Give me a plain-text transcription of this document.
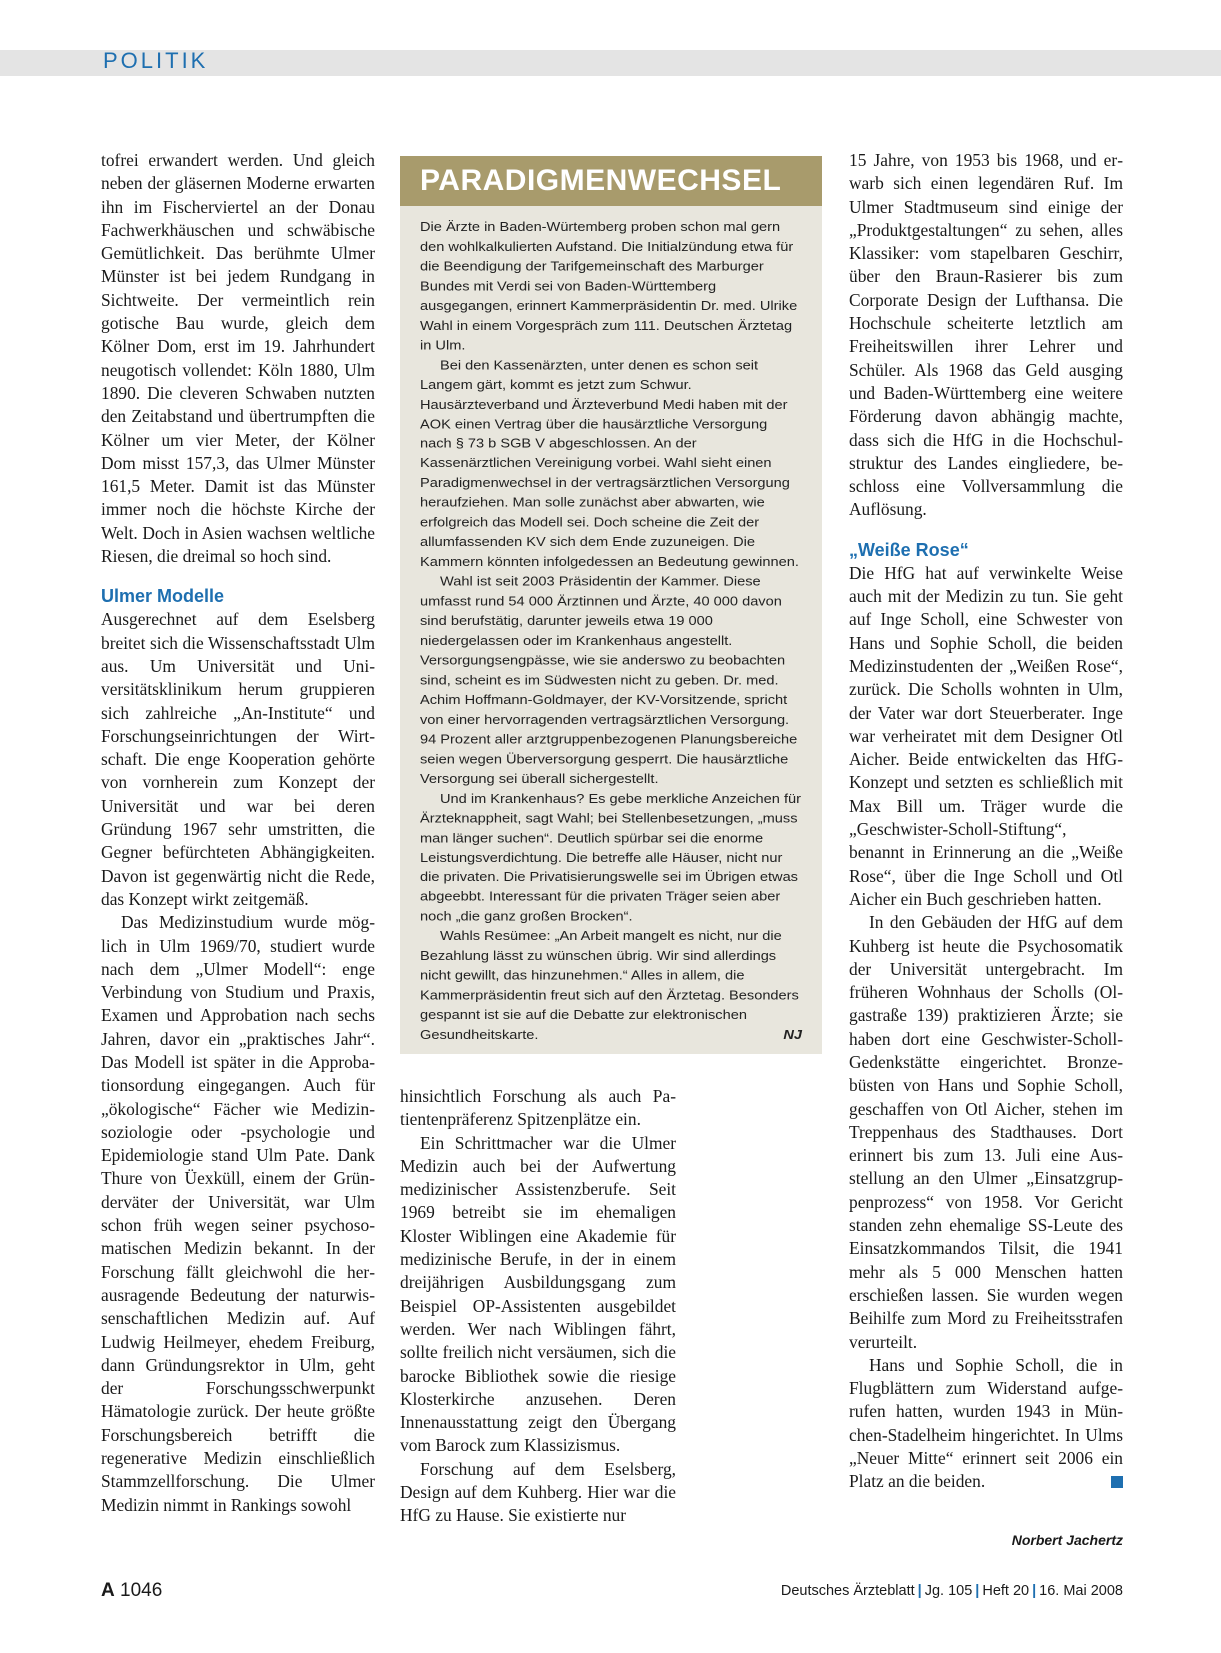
POLITIK

tofrei erwandert werden. Und gleich neben der gläsernen Moderne erwarten ihn im Fischerviertel an der Donau Fachwerkhäuschen und schwäbische Gemütlichkeit. Das berühmte Ulmer Münster ist bei jedem Rundgang in Sichtweite. Der vermeintlich rein gotische Bau wurde, gleich dem Kölner Dom, erst im 19. Jahrhundert neugotisch vollendet: Köln 1880, Ulm 1890. Die cleveren Schwaben nutzten den Zeitabstand und übertrumpften die Kölner um vier Meter, der Kölner Dom misst 157,3, das Ulmer Münster 161,5 Meter. Damit ist das Münster immer noch die höchste Kirche der Welt. Doch in Asien wachsen weltliche Riesen, die dreimal so hoch sind.

Ulmer Modelle

Ausgerechnet auf dem Eselsberg breitet sich die Wissenschaftsstadt Ulm aus. Um Universität und Universitätsklinikum herum gruppieren sich zahlreiche „An-Institute“ und Forschungseinrichtungen der Wirtschaft. Die enge Kooperation gehörte von vornherein zum Konzept der Universität und war bei deren Gründung 1967 sehr umstritten, die Gegner befürchteten Abhängigkeiten. Davon ist gegenwärtig nicht die Rede, das Konzept wirkt zeitgemäß.

Das Medizinstudium wurde möglich in Ulm 1969/70, studiert wurde nach dem „Ulmer Modell“: enge Verbindung von Studium und Praxis, Examen und Approbation nach sechs Jahren, davor ein „praktisches Jahr“. Das Modell ist später in die Approbationsordung eingegangen. Auch für „ökologische“ Fächer wie Medizinsoziologie oder -psychologie und Epidemiologie stand Ulm Pate. Dank Thure von Üexküll, einem der Gründerväter der Universität, war Ulm schon früh wegen seiner psychosomatischen Medizin bekannt. In der Forschung fällt gleichwohl die herausragende Bedeutung der naturwissenschaftlichen Medizin auf. Auf Ludwig Heilmeyer, ehedem Freiburg, dann Gründungsrektor in Ulm, geht der Forschungsschwerpunkt Hämatologie zurück. Der heute größte Forschungsbereich betrifft die regenerative Medizin einschließlich Stammzellforschung. Die Ulmer Medizin nimmt in Rankings sowohl

PARADIGMENWECHSEL

Die Ärzte in Baden-Würtemberg proben schon mal gern den wohlkalkulierten Aufstand. Die Initialzündung etwa für die Beendigung der Tarifgemeinschaft des Marburger Bundes mit Verdi sei von Baden-Württemberg ausgegangen, erinnert Kammerpräsidentin Dr. med. Ulrike Wahl in einem Vorgespräch zum 111. Deutschen Ärztetag in Ulm.

Bei den Kassenärzten, unter denen es schon seit Langem gärt, kommt es jetzt zum Schwur. Hausärzteverband und Ärzteverbund Medi haben mit der AOK einen Vertrag über die hausärztliche Versorgung nach § 73 b SGB V abgeschlossen. An der Kassenärztlichen Vereinigung vorbei. Wahl sieht einen Paradigmenwechsel in der vertragsärztlichen Versorgung heraufziehen. Man solle zunächst aber abwarten, wie erfolgreich das Modell sei. Doch scheine die Zeit der allumfassenden KV sich dem Ende zuzuneigen. Die Kammern könnten infolgedessen an Bedeutung gewinnen.

Wahl ist seit 2003 Präsidentin der Kammer. Diese umfasst rund 54 000 Ärztinnen und Ärzte, 40 000 davon sind berufstätig, darunter jeweils etwa 19 000 niedergelassen oder im Krankenhaus angestellt. Versorgungsengpässe, wie sie anderswo zu beobachten sind, scheint es im Südwesten nicht zu geben. Dr. med. Achim Hoffmann-Goldmayer, der KV-Vorsitzende, spricht von einer hervorragenden vertragsärztlichen Versorgung. 94 Prozent aller arztgruppenbezogenen Planungsbereiche seien wegen Überversorgung gesperrt. Die hausärztliche Versorgung sei überall sichergestellt.

Und im Krankenhaus? Es gebe merkliche Anzeichen für Ärzteknappheit, sagt Wahl; bei Stellenbesetzungen, „muss man länger suchen“. Deutlich spürbar sei die enorme Leistungsverdichtung. Die betreffe alle Häuser, nicht nur die privaten. Die Privatisierungswelle sei im Übrigen etwas abgeebbt. Interessant für die privaten Träger seien aber noch „die ganz großen Brocken“.

Wahls Resümee: „An Arbeit mangelt es nicht, nur die Bezahlung lässt zu wünschen übrig. Wir sind allerdings nicht gewillt, das hinzunehmen.“ Alles in allem, die Kammerpräsidentin freut sich auf den Ärztetag. Besonders gespannt ist sie auf die Debatte zur elektronischen Gesundheitskarte.	NJ

hinsichtlich Forschung als auch Patientenpräferenz Spitzenplätze ein.

Ein Schrittmacher war die Ulmer Medizin auch bei der Aufwertung medizinischer Assistenzberufe. Seit 1969 betreibt sie im ehemaligen Kloster Wiblingen eine Akademie für medizinische Berufe, in der in einem dreijährigen Ausbildungsgang zum Beispiel OP-Assistenten ausgebildet werden. Wer nach Wiblingen fährt, sollte freilich nicht versäumen, sich die barocke Bibliothek sowie die riesige Klosterkirche anzusehen. Deren Innenausstattung zeigt den Übergang vom Barock zum Klassizismus.

Forschung auf dem Eselsberg, Design auf dem Kuhberg. Hier war die HfG zu Hause. Sie existierte nur

15 Jahre, von 1953 bis 1968, und erwarb sich einen legendären Ruf. Im Ulmer Stadtmuseum sind einige der „Produktgestaltungen“ zu sehen, alles Klassiker: vom stapelbaren Geschirr, über den Braun-Rasierer bis zum Corporate Design der Lufthansa. Die Hochschule scheiterte letztlich am Freiheitswillen ihrer Lehrer und Schüler. Als 1968 das Geld ausging und Baden-Württemberg eine weitere Förderung davon abhängig machte, dass sich die HfG in die Hochschulstruktur des Landes eingliedere, beschloss eine Vollversammlung die Auflösung.

„Weiße Rose“

Die HfG hat auf verwinkelte Weise auch mit der Medizin zu tun. Sie geht auf Inge Scholl, eine Schwester von Hans und Sophie Scholl, die beiden Medizinstudenten der „Weißen Rose“, zurück. Die Scholls wohnten in Ulm, der Vater war dort Steuerberater. Inge war verheiratet mit dem Designer Otl Aicher. Beide entwickelten das HfG-Konzept und setzten es schließlich mit Max Bill um. Träger wurde die „Geschwister-Scholl-Stiftung“, benannt in Erinnerung an die „Weiße Rose“, über die Inge Scholl und Otl Aicher ein Buch geschrieben hatten.

In den Gebäuden der HfG auf dem Kuhberg ist heute die Psychosomatik der Universität untergebracht. Im früheren Wohnhaus der Scholls (Olgastraße 139) praktizieren Ärzte; sie haben dort eine Geschwister-Scholl-Gedenkstätte eingerichtet. Bronzebüsten von Hans und Sophie Scholl, geschaffen von Otl Aicher, stehen im Treppenhaus des Stadthauses. Dort erinnert bis zum 13. Juli eine Ausstellung an den Ulmer „Einsatzgruppenprozess“ von 1958. Vor Gericht standen zehn ehemalige SS-Leute des Einsatzkommandos Tilsit, die 1941 mehr als 5 000 Menschen hatten erschießen lassen. Sie wurden wegen Beihilfe zum Mord zu Freiheitsstrafen verurteilt.

Hans und Sophie Scholl, die in Flugblättern zum Widerstand aufgerufen hatten, wurden 1943 in München-Stadelheim hingerichtet. In Ulms „Neuer Mitte“ erinnert seit 2006 ein Platz an die beiden.

Norbert Jachertz
A 1046	Deutsches Ärzteblatt | Jg. 105 | Heft 20 | 16. Mai 2008
